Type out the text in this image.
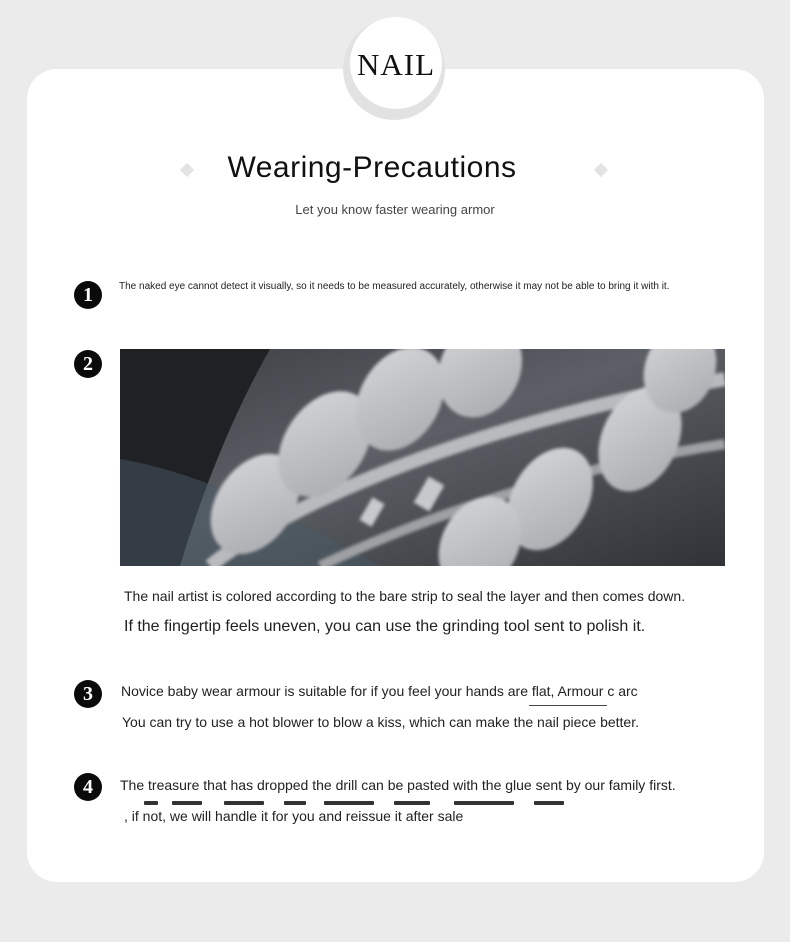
NAIL
Wearing-Precautions
Let you know faster wearing armor
1	The naked eye cannot detect it visually, so it needs to be measured accurately, otherwise it may not be able to bring it with it.
2
The nail artist is colored according to the bare strip to seal the layer and then comes down.
If the fingertip feels uneven, you can use the grinding tool sent to polish it.
3	Novice baby wear armour is suitable for if you feel your hands are flat, Armour c arc
You can try to use a hot blower to blow a kiss, which can make the nail piece better.
4	The treasure that has dropped the drill can be pasted with the glue sent by our family first.
, if not, we will handle it for you and reissue it after sale
